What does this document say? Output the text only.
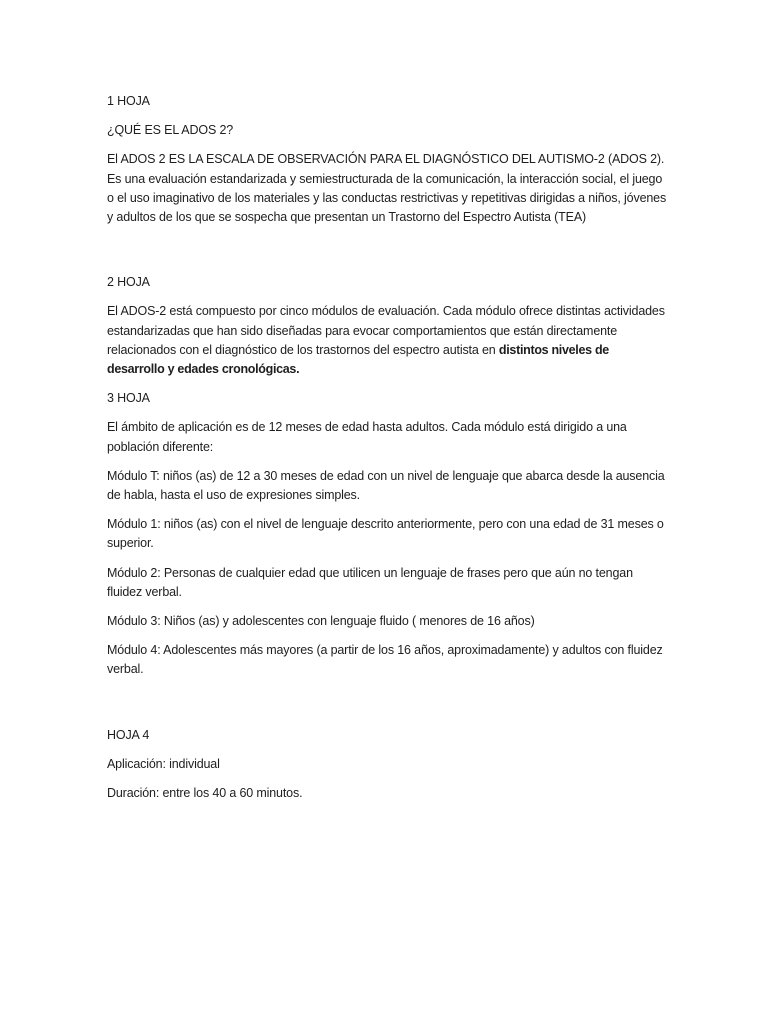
1 HOJA

¿QUÉ ES EL ADOS 2?

El ADOS 2 ES LA ESCALA DE OBSERVACIÓN PARA EL DIAGNÓSTICO DEL AUTISMO-2 (ADOS 2). Es una evaluación estandarizada y semiestructurada de la comunicación, la interacción social, el juego o el uso imaginativo de los materiales y las conductas restrictivas y repetitivas dirigidas a niños, jóvenes y adultos de los que se sospecha que presentan un Trastorno del Espectro Autista (TEA)

2 HOJA

El ADOS-2 está compuesto por cinco módulos de evaluación. Cada módulo ofrece distintas actividades estandarizadas que han sido diseñadas para evocar comportamientos que están directamente relacionados con el diagnóstico de los trastornos del espectro autista en distintos niveles de desarrollo y edades cronológicas.

3 HOJA

El ámbito de aplicación es de 12 meses de edad hasta adultos. Cada módulo está dirigido a una población diferente:

Módulo T: niños (as) de 12 a 30 meses de edad con un nivel de lenguaje que abarca desde la ausencia de habla, hasta el uso de expresiones simples.

Módulo 1: niños (as) con el nivel de lenguaje descrito anteriormente, pero con una edad de 31 meses o superior.

Módulo 2: Personas de cualquier edad que utilicen un lenguaje de frases pero que aún no tengan fluidez verbal.

Módulo 3: Niños (as) y adolescentes con lenguaje fluido ( menores de 16 años)

Módulo 4: Adolescentes más mayores (a partir de los 16 años, aproximadamente) y adultos con fluidez verbal.

HOJA 4

Aplicación: individual

Duración: entre los 40 a 60 minutos.
